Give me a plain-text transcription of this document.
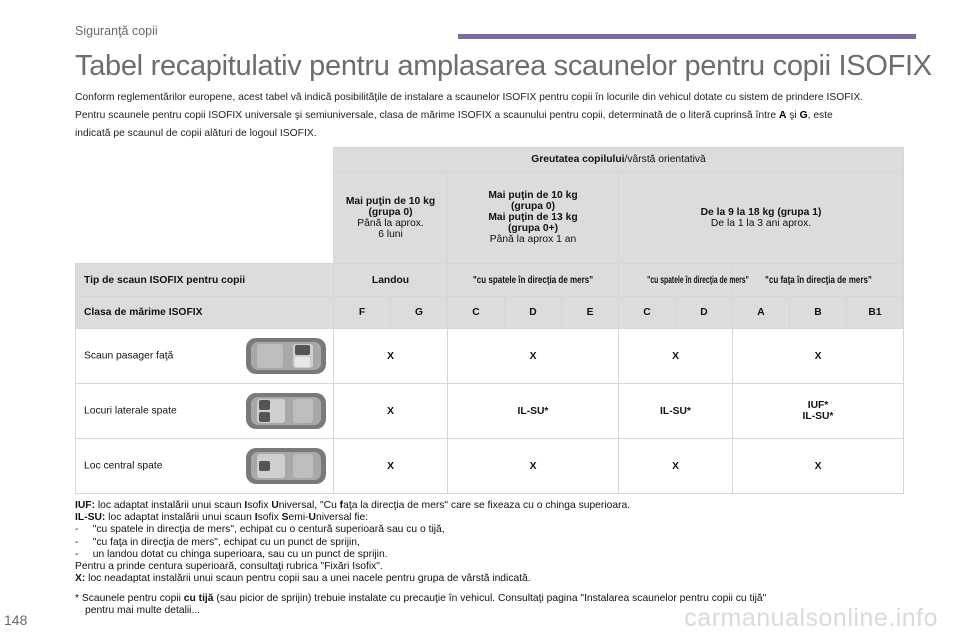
Siguranţă copii
Tabel recapitulativ pentru amplasarea scaunelor pentru copii ISOFIX
Conform reglementărilor europene, acest tabel vă indică posibilităţile de instalare a scaunelor ISOFIX pentru copii în locurile din vehicul dotate cu sistem de prindere ISOFIX.
Pentru scaunele pentru copii ISOFIX universale şi semiuniversale, clasa de mărime ISOFIX a scaunului pentru copii, determinată de o literă cuprinsă între A şi G, este
indicată pe scaunul de copii alături de logoul ISOFIX.
	Greutatea copilului/vârstă orientativă									
	Mai puţin de 10 kg
(grupa 0)
Până la aprox.
6 luni		Mai puţin de 10 kg
(grupa 0)
Mai puţin de 13 kg
(grupa 0+)
Până la aprox 1 an			De la 9 la 18 kg (grupa 1)
De la 1 la 3 ani aprox.				
Tip de scaun ISOFIX pentru copii	Landou		"cu spatele în direcţia de mers"			"cu spatele în direcţia de mers"		"cu faţa în direcţia de mers"		
Clasa de mărime ISOFIX	F	G	C	D	E	C	D	A	B	B1

Scaun pasager faţă	X		X			X		X		

Locuri laterale spate	X		IL-SU*			IL-SU*		IUF*
IL-SU*		

Loc central spate	X		X			X		X		

IUF: loc adaptat instalării unui scaun Isofix Universal, "Cu faţa la direcţia de mers" care se fixeaza cu o chinga superioara.

IL-SU: loc adaptat instalării unui scaun Isofix Semi-Universal fie:

-     "cu spatele in direcţia de mers", echipat cu o centură superioară sau cu o tijă,

-     "cu faţa in direcţia de mers", echipat cu un punct de sprijin,

-     un landou dotat cu chinga superioara, sau cu un punct de sprijin.

Pentru a prinde centura superioară, consultaţi rubrica "Fixări Isofix".

X: loc neadaptat instalării unui scaun pentru copii sau a unei nacele pentru grupa de vârstă indicată.

* Scaunele pentru copii cu tijă (sau picior de sprijin) trebuie instalate cu precauţie în vehicul. Consultaţi pagina "Instalarea scaunelor pentru copii cu tijă"
pentru mai multe detalii...
148	carmanualsonline.info
